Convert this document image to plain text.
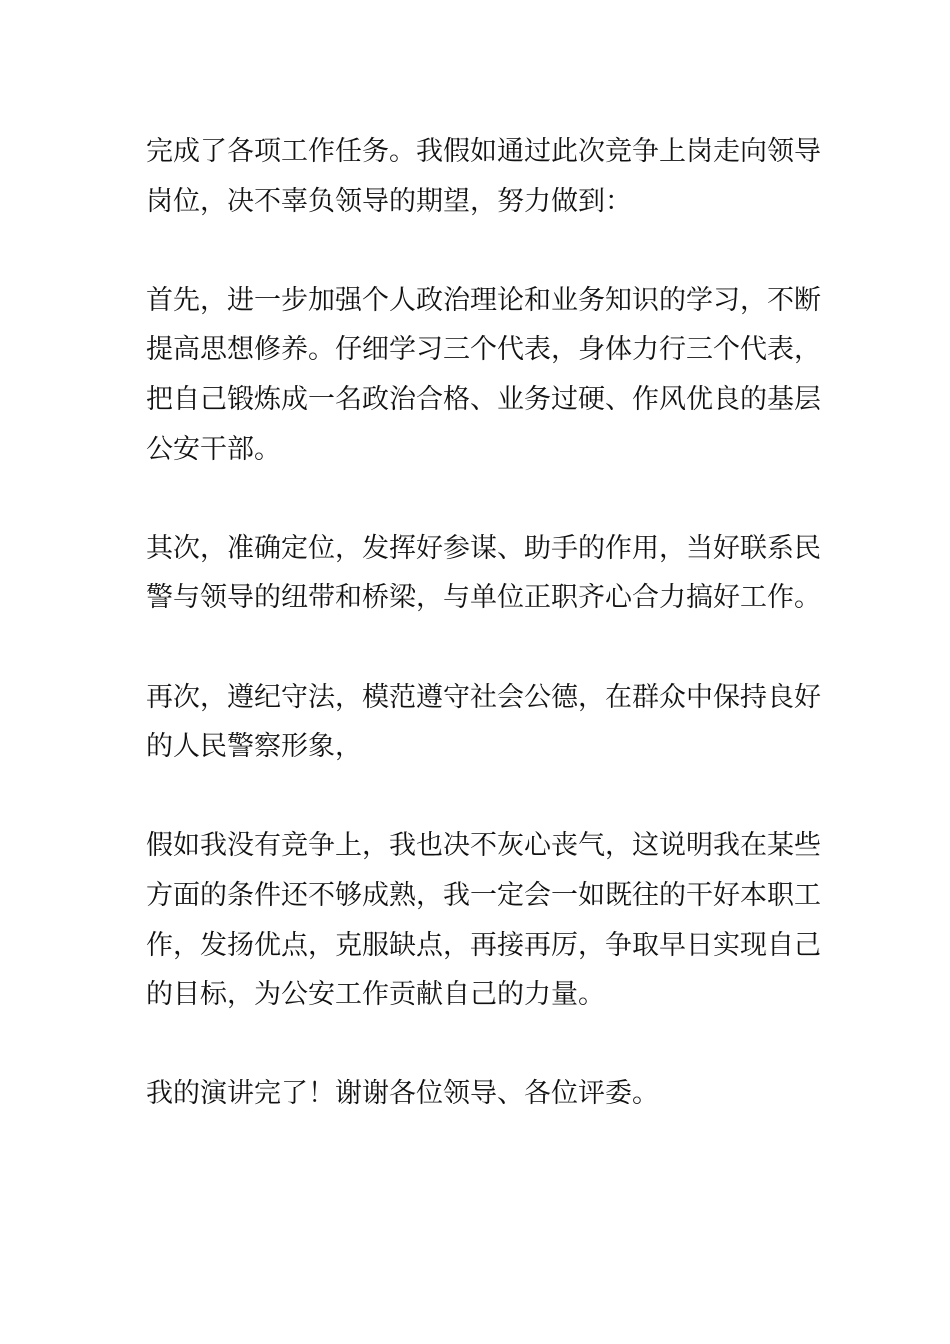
完成了各项工作任务。我假如通过此次竞争上岗走向领导
岗位，决不辜负领导的期望，努力做到：

首先，进一步加强个人政治理论和业务知识的学习，不断
提高思想修养。仔细学习三个代表，身体力行三个代表，
把自己锻炼成一名政治合格、业务过硬、作风优良的基层
公安干部。

其次，准确定位，发挥好参谋、助手的作用，当好联系民
警与领导的纽带和桥梁，与单位正职齐心合力搞好工作。

再次，遵纪守法，模范遵守社会公德，在群众中保持良好
的人民警察形象，

假如我没有竞争上，我也决不灰心丧气，这说明我在某些
方面的条件还不够成熟，我一定会一如既往的干好本职工
作，发扬优点，克服缺点，再接再厉，争取早日实现自己
的目标，为公安工作贡献自己的力量。

我的演讲完了！谢谢各位领导、各位评委。
